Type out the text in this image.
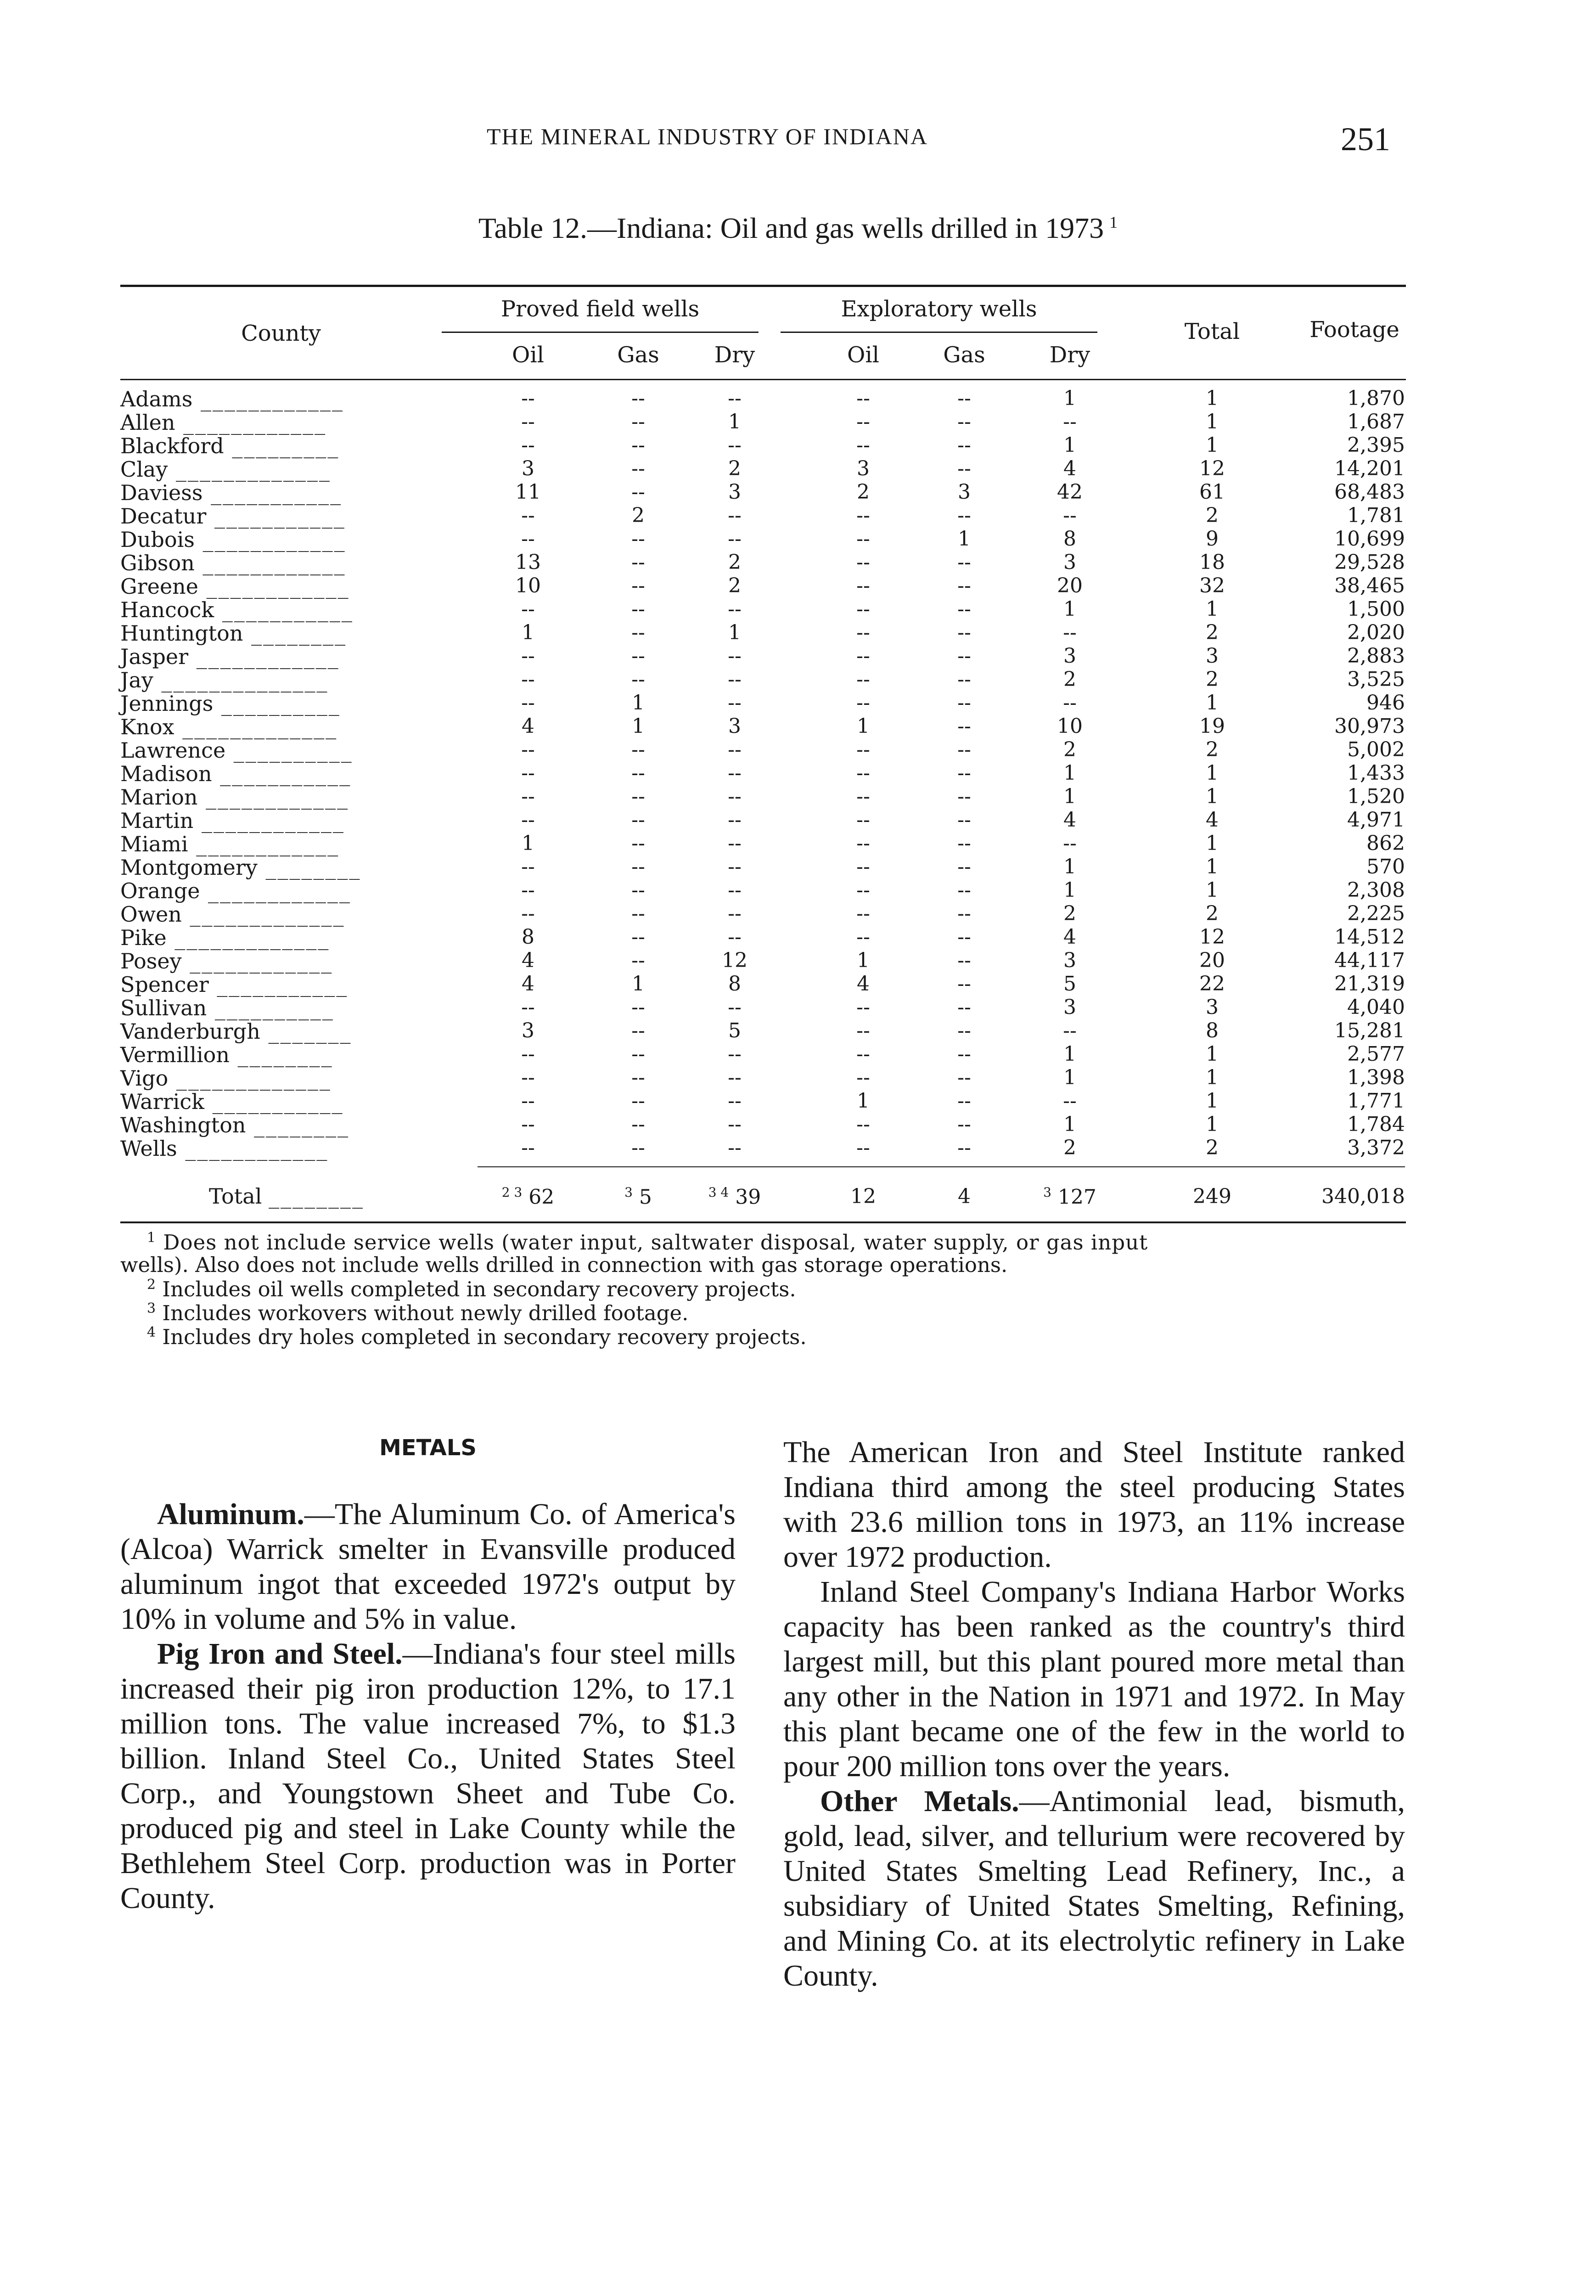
THE MINERAL INDUSTRY OF INDIANA	251
Table 12.—Indiana: Oil and gas wells drilled in 1973 $^1$
County
Proved field wells	Exploratory wells
Total	Footage
Oil	Gas	Dry	Oil	Gas	Dry
Adams ____________	--	--	--	--	--	1	1	1,870
Allen ____________	--	--	1	--	--	--	1	1,687
Blackford _________	--	--	--	--	--	1	1	2,395
Clay _____________	3	--	2	3	--	4	12	14,201
Daviess ___________	11	--	3	2	3	42	61	68,483
Decatur ___________	--	2	--	--	--	--	2	1,781
Dubois ____________	--	--	--	--	1	8	9	10,699
Gibson ____________	13	--	2	--	--	3	18	29,528
Greene ____________	10	--	2	--	--	20	32	38,465
Hancock ___________	--	--	--	--	--	1	1	1,500
Huntington ________	1	--	1	--	--	--	2	2,020
Jasper ____________	--	--	--	--	--	3	3	2,883
Jay ______________	--	--	--	--	--	2	2	3,525
Jennings __________	--	1	--	--	--	--	1	946
Knox _____________	4	1	3	1	--	10	19	30,973
Lawrence __________	--	--	--	--	--	2	2	5,002
Madison ___________	--	--	--	--	--	1	1	1,433
Marion ____________	--	--	--	--	--	1	1	1,520
Martin ____________	--	--	--	--	--	4	4	4,971
Miami ____________	1	--	--	--	--	--	1	862
Montgomery ________	--	--	--	--	--	1	1	570
Orange ____________	--	--	--	--	--	1	1	2,308
Owen _____________	--	--	--	--	--	2	2	2,225
Pike _____________	8	--	--	--	--	4	12	14,512
Posey ____________	4	--	12	1	--	3	20	44,117
Spencer ___________	4	1	8	4	--	5	22	21,319
Sullivan __________	--	--	--	--	--	3	3	4,040
Vanderburgh _______	3	--	5	--	--	--	8	15,281
Vermillion ________	--	--	--	--	--	1	1	2,577
Vigo _____________	--	--	--	--	--	1	1	1,398
Warrick ___________	--	--	--	1	--	--	1	1,771
Washington ________	--	--	--	--	--	1	1	1,784
Wells ____________	--	--	--	--	--	2	2	3,372
Total ________	$^{2 3}$ 62	$^3$ 5	$^{3 4}$ 39	12	4	$^3$ 127	249	340,018
$^1$ Does not include service wells (water input, saltwater disposal, water supply, or gas input
wells). Also does not include wells drilled in connection with gas storage operations.
$^2$ Includes oil wells completed in secondary recovery projects.
$^3$ Includes workovers without newly drilled footage.
$^4$ Includes dry holes completed in secondary recovery projects.
METALS

Aluminum.—The Aluminum Co. of America's (Alcoa) Warrick smelter in Evansville produced aluminum ingot that exceeded 1972's output by 10% in volume and 5% in value.

Pig Iron and Steel.—Indiana's four steel mills increased their pig iron production 12%, to 17.1 million tons. The value increased 7%, to $1.3 billion. Inland Steel Co., United States Steel Corp., and Youngstown Sheet and Tube Co. produced pig and steel in Lake County while the Bethlehem Steel Corp. production was in Porter County.

The American Iron and Steel Institute ranked Indiana third among the steel producing States with 23.6 million tons in 1973, an 11% increase over 1972 production.

Inland Steel Company's Indiana Harbor Works capacity has been ranked as the country's third largest mill, but this plant poured more metal than any other in the Nation in 1971 and 1972. In May this plant became one of the few in the world to pour 200 million tons over the years.

Other Metals.—Antimonial lead, bismuth, gold, lead, silver, and tellurium were recovered by United States Smelting Lead Refinery, Inc., a subsidiary of United States Smelting, Refining, and Mining Co. at its electrolytic refinery in Lake County.
